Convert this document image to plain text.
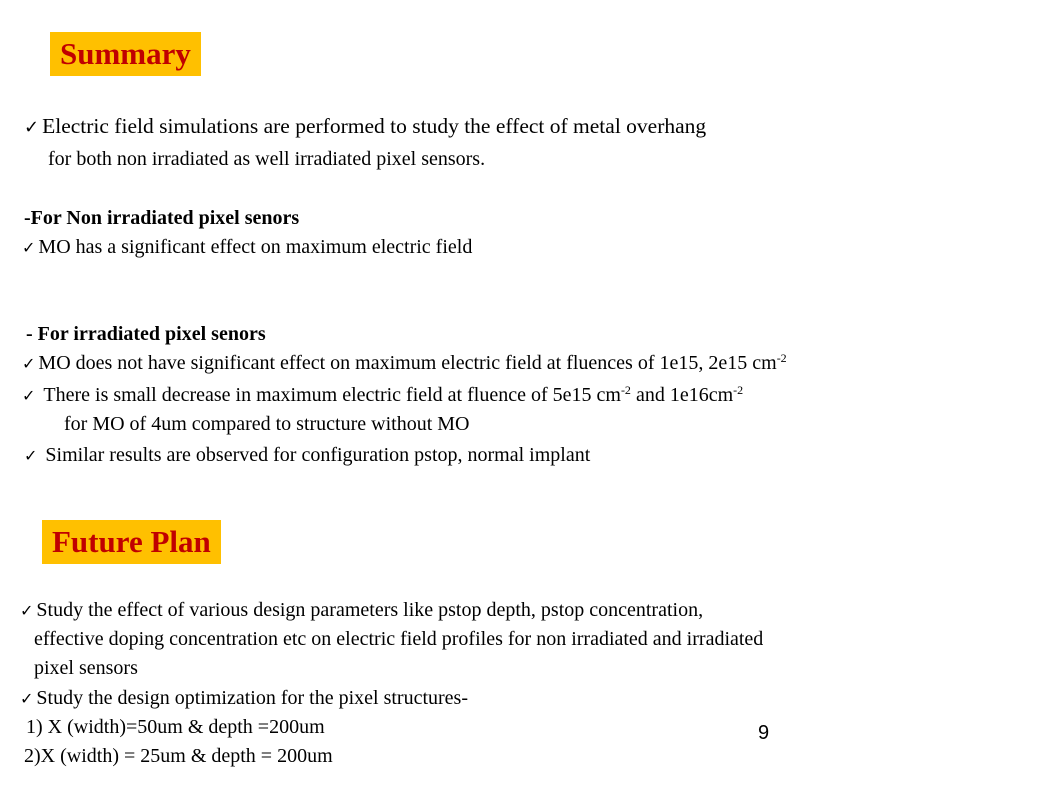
Summary
✓ Electric field simulations are performed to study the effect of metal overhang
for both non irradiated as well irradiated pixel sensors.
-For Non irradiated pixel senors
✓ MO has a significant effect on maximum electric field
- For irradiated pixel senors
✓ MO does not have significant effect on maximum electric field at fluences of 1e15, 2e15 $cm^{-2}$
✓ There is small decrease in maximum electric field at fluence of 5e15 $cm^{-2}$ and $1e16cm^{-2}$
for MO of 4um compared to structure without MO
✓ Similar results are observed for configuration pstop, normal implant
Future Plan
✓ Study the effect of various design parameters like pstop depth, pstop concentration,
effective doping concentration etc on electric field profiles for non irradiated and irradiated
pixel sensors
✓ Study the design optimization for the pixel structures-
1) X (width)=50um & depth =200um
2)X (width) = 25um & depth = 200um
9
